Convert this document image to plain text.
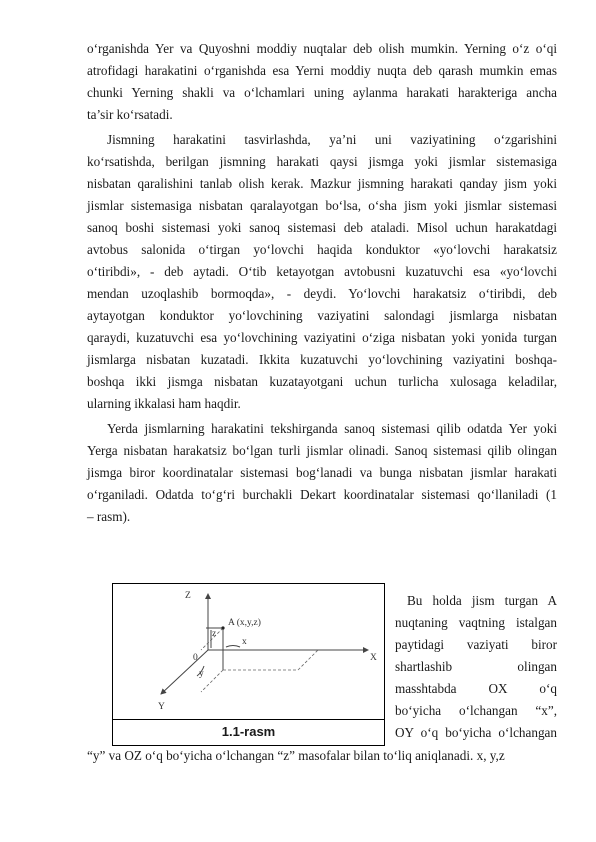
o‘rganishda Yer va Quyoshni moddiy nuqtalar deb olish mumkin. Yerning o‘z o‘qi
atrofidagi harakatini o‘rganishda esa Yerni moddiy nuqta deb qarash mumkin emas
chunki Yerning shakli va o‘lchamlari uning aylanma harakati harakteriga ancha
ta’sir ko‘rsatadi.
Jismning harakatini tasvirlashda, ya’ni uni vaziyatining o‘zgarishini
ko‘rsatishda, berilgan jismning harakati qaysi jismga yoki jismlar sistemasiga
nisbatan qaralishini tanlab olish kerak. Mazkur jismning harakati qanday jism yoki
jismlar sistemasiga nisbatan qaralayotgan bo‘lsa, o‘sha jism yoki jismlar sistemasi
sanoq boshi sistemasi yoki sanoq sistemasi deb ataladi. Misol uchun harakatdagi
avtobus salonida o‘tirgan yo‘lovchi haqida konduktor «yo‘lovchi harakatsiz
o‘tiribdi», - deb aytadi. O‘tib ketayotgan avtobusni kuzatuvchi esa «yo‘lovchi
mendan uzoqlashib bormoqda», - deydi. Yo‘lovchi harakatsiz o‘tiribdi, deb
aytayotgan konduktor yo‘lovchining vaziyatini salondagi jismlarga nisbatan
qaraydi, kuzatuvchi esa yo‘lovchining vaziyatini o‘ziga nisbatan yoki yonida turgan
jismlarga nisbatan kuzatadi. Ikkita kuzatuvchi yo‘lovchining vaziyatini boshqa-
boshqa ikki jismga nisbatan kuzatayotgani uchun turlicha xulosaga keladilar,
ularning ikkalasi ham haqdir.
Yerda jismlarning harakatini tekshirganda sanoq sistemasi qilib odatda Yer yoki
Yerga nisbatan harakatsiz bo‘lgan turli jismlar olinadi. Sanoq sistemasi qilib olingan
jismga biror koordinatalar sistemasi bog‘lanadi va bunga nisbatan jismlar harakati
o‘rganiladi. Odatda to‘g‘ri burchakli Dekart koordinatalar sistemasi qo‘llaniladi (1
– rasm).
Bu holda jism turgan A
nuqtaning vaqtning istalgan
paytidagi vaziyati biror
shartlashib olingan
masshtabda OX o‘q
bo‘yicha o‘lchangan “x”,
OY o‘q bo‘yicha o‘lchangan
“y” va OZ o‘q bo‘yicha o‘lchangan “z” masofalar bilan to‘liq aniqlanadi. x, y,z
Z
X
Y
0
A (x,y,z)
z
x
y
1.1-rasm
